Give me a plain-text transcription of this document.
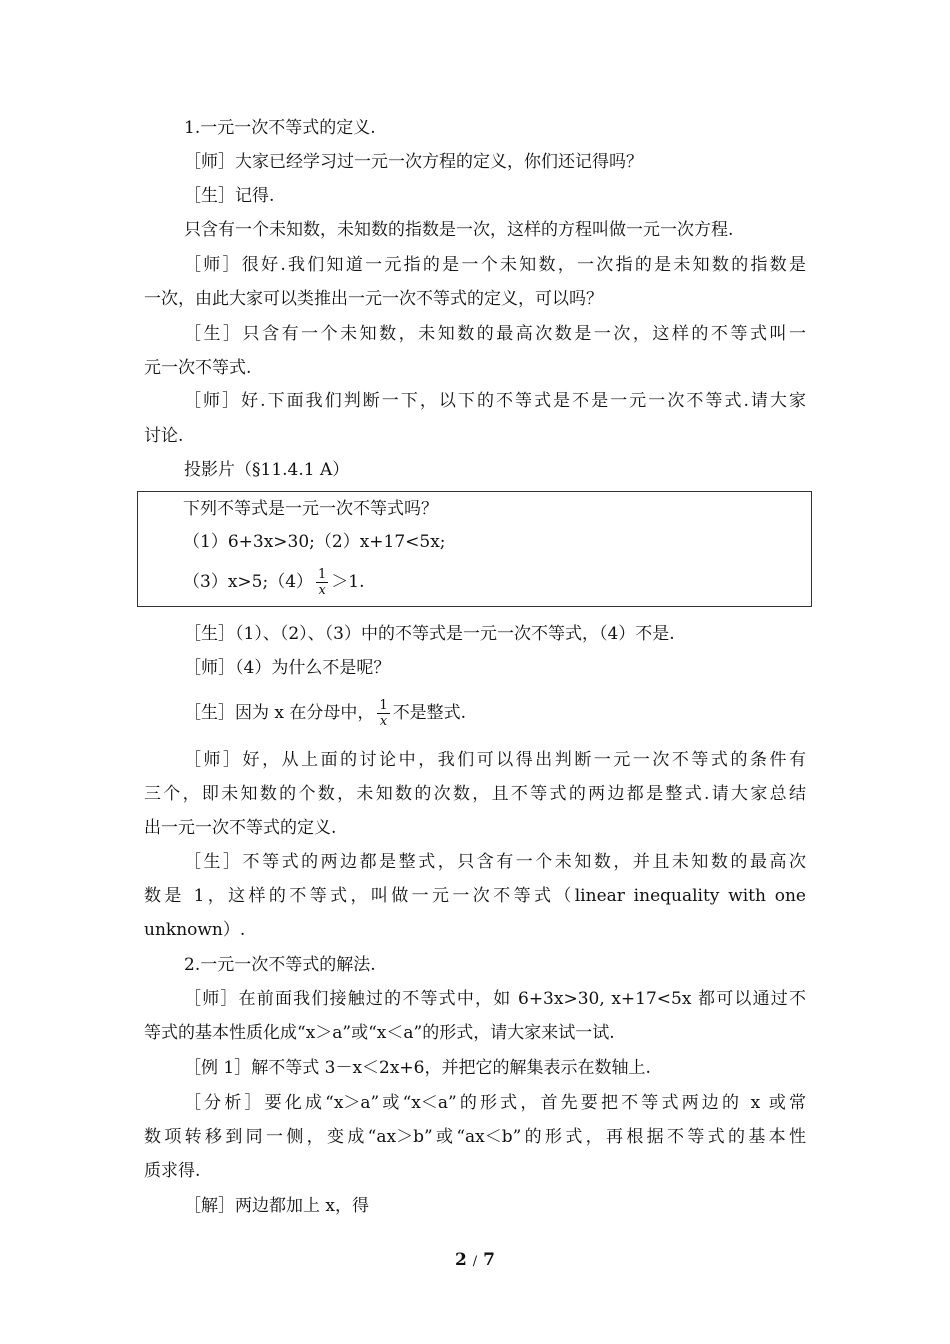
1.一元一次不等式的定义.
［师］大家已经学习过一元一次方程的定义，你们还记得吗？
［生］记得.
只含有一个未知数，未知数的指数是一次，这样的方程叫做一元一次方程.
［师］很好.我们知道一元指的是一个未知数，一次指的是未知数的指数是
一次，由此大家可以类推出一元一次不等式的定义，可以吗？
［生］只含有一个未知数，未知数的最高次数是一次，这样的不等式叫一
元一次不等式.
［师］好.下面我们判断一下，以下的不等式是不是一元一次不等式.请大家
讨论.
投影片（§11.4.1 A）
下列不等式是一元一次不等式吗？
（1）6+3x>30;（2）x+17<5x;
（3）x>5;（4） $\frac{1}{x} >1$.
［生］（1）、（2）、（3）中的不等式是一元一次不等式，（4）不是.
［师］（4）为什么不是呢？
［生］因为 x 在分母中， $\frac{1}{x}$ 不是整式.
［师］好，从上面的讨论中，我们可以得出判断一元一次不等式的条件有
三个，即未知数的个数，未知数的次数，且不等式的两边都是整式.请大家总结
出一元一次不等式的定义.
［生］不等式的两边都是整式，只含有一个未知数，并且未知数的最高次
数是 1，这样的不等式，叫做一元一次不等式（linear inequality with one
unknown）.
2.一元一次不等式的解法.
［师］在前面我们接触过的不等式中，如 6+3x>30, x+17<5x 都可以通过不
等式的基本性质化成“x＞a”或“x＜a”的形式，请大家来试一试.
［例 1］解不等式 3－x＜2x+6，并把它的解集表示在数轴上.
［分析］要化成“x＞a”或“x＜a”的形式，首先要把不等式两边的 x 或常
数项转移到同一侧，变成“ax＞b”或“ax＜b”的形式，再根据不等式的基本性
质求得.
［解］两边都加上 x，得
2 / 7
